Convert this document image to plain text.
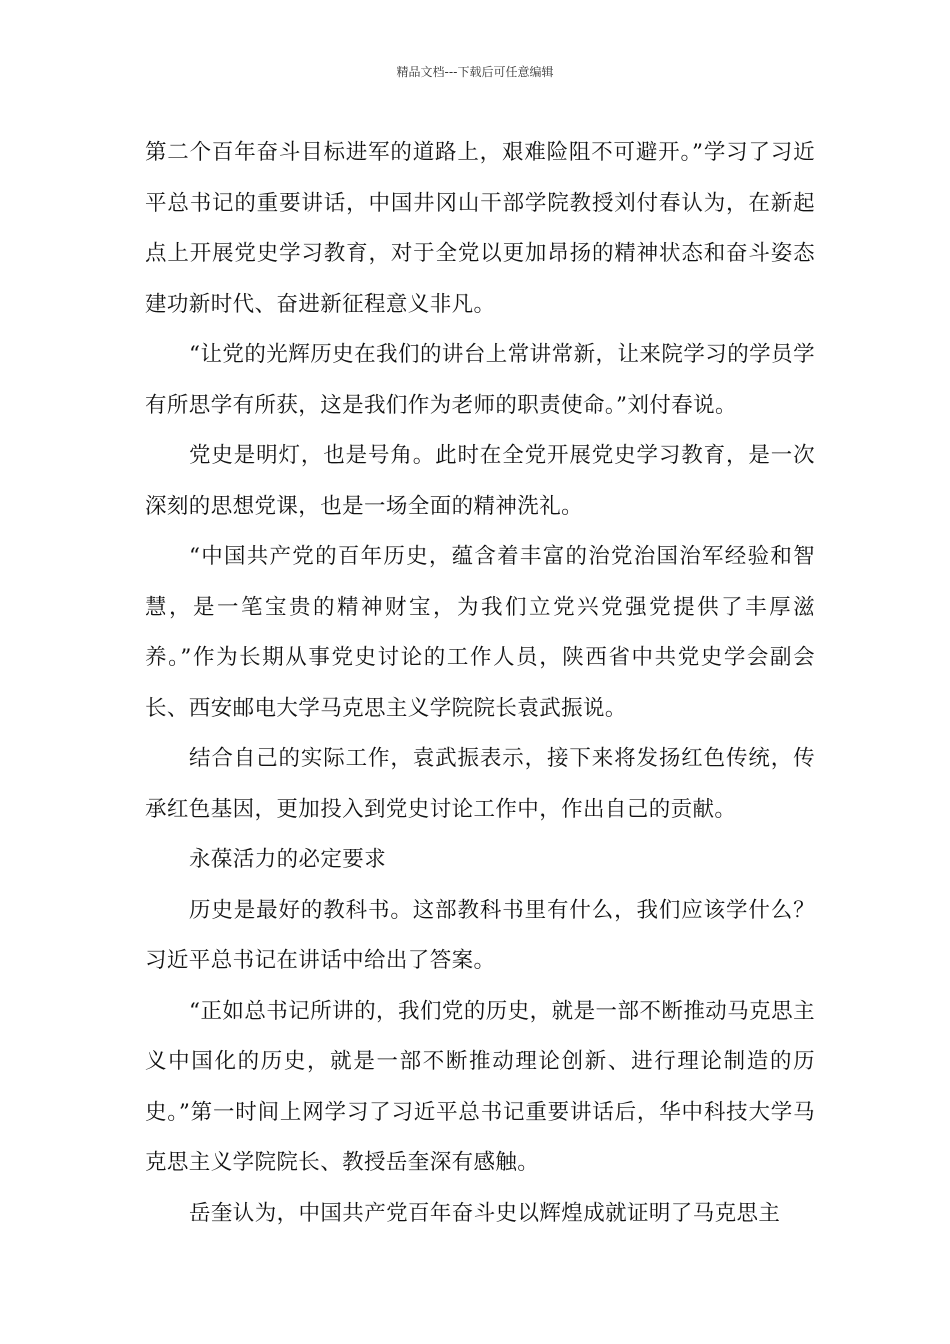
精品文档---下载后可任意编辑

第二个百年奋斗目标进军的道路上，艰难险阻不可避开。”学习了习近平总书记的重要讲话，中国井冈山干部学院教授刘付春认为，在新起点上开展党史学习教育，对于全党以更加昂扬的精神状态和奋斗姿态建功新时代、奋进新征程意义非凡。

“让党的光辉历史在我们的讲台上常讲常新，让来院学习的学员学有所思学有所获，这是我们作为老师的职责使命。”刘付春说。

党史是明灯，也是号角。此时在全党开展党史学习教育，是一次深刻的思想党课，也是一场全面的精神洗礼。

“中国共产党的百年历史，蕴含着丰富的治党治国治军经验和智慧，是一笔宝贵的精神财宝，为我们立党兴党强党提供了丰厚滋养。”作为长期从事党史讨论的工作人员，陕西省中共党史学会副会长、西安邮电大学马克思主义学院院长袁武振说。

结合自己的实际工作，袁武振表示，接下来将发扬红色传统，传承红色基因，更加投入到党史讨论工作中，作出自己的贡献。

永葆活力的必定要求

历史是最好的教科书。这部教科书里有什么，我们应该学什么？习近平总书记在讲话中给出了答案。

“正如总书记所讲的，我们党的历史，就是一部不断推动马克思主义中国化的历史，就是一部不断推动理论创新、进行理论制造的历史。”第一时间上网学习了习近平总书记重要讲话后，华中科技大学马克思主义学院院长、教授岳奎深有感触。

岳奎认为，中国共产党百年奋斗史以辉煌成就证明了马克思主
